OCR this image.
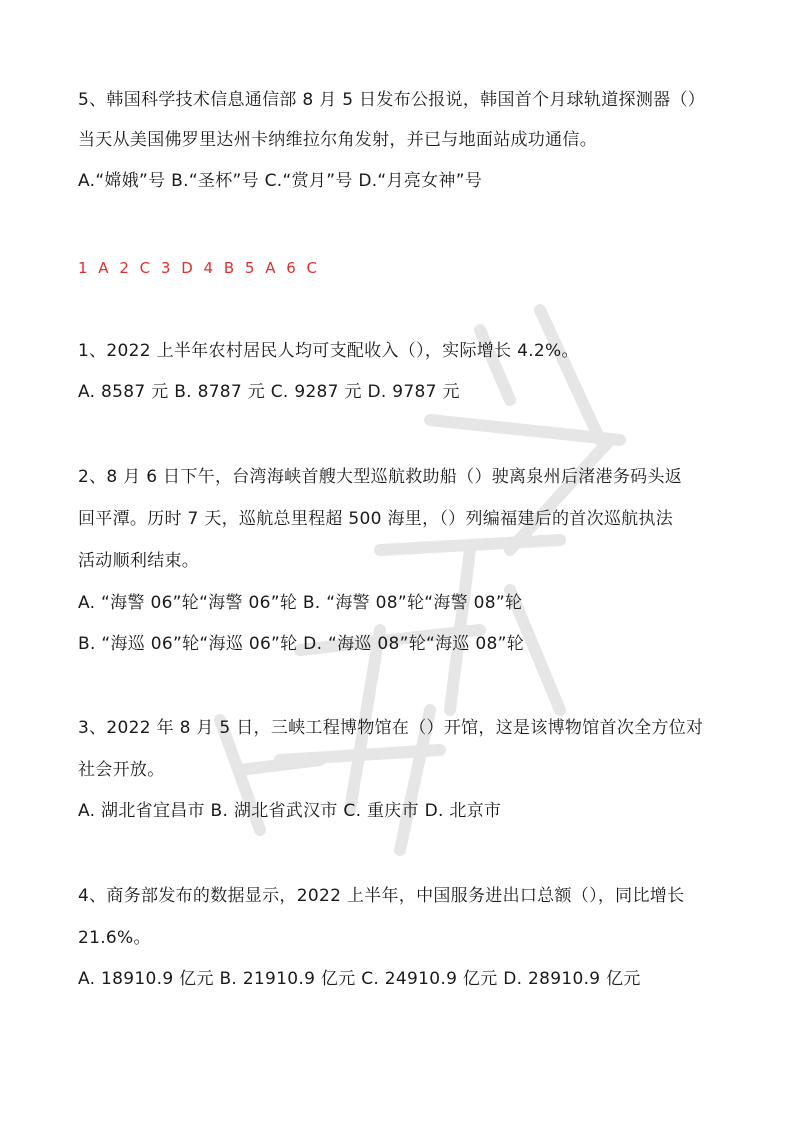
5、韩国科学技术信息通信部 8 月 5 日发布公报说，韩国首个月球轨道探测器（）

当天从美国佛罗里达州卡纳维拉尔角发射，并已与地面站成功通信。

A.“嫦娥”号 B.“圣杯”号 C.“赏月”号 D.“月亮女神”号

1 A 2 C 3 D 4 B 5 A 6 C

1、2022 上半年农村居民人均可支配收入（），实际增长 4.2%。

A. 8587 元 B. 8787 元 C. 9287 元 D. 9787 元

2、8 月 6 日下午，台湾海峡首艘大型巡航救助船（）驶离泉州后渚港务码头返

回平潭。历时 7 天，巡航总里程超 500 海里，（）列编福建后的首次巡航执法

活动顺利结束。

A. “海警 06”轮“海警 06”轮 B. “海警 08”轮“海警 08”轮

B. “海巡 06”轮“海巡 06”轮 D. “海巡 08”轮“海巡 08”轮

3、2022 年 8 月 5 日，三峡工程博物馆在（）开馆，这是该博物馆首次全方位对

社会开放。

A. 湖北省宜昌市 B. 湖北省武汉市 C. 重庆市 D. 北京市

4、商务部发布的数据显示，2022 上半年，中国服务进出口总额（），同比增长

21.6%。

A. 18910.9 亿元 B. 21910.9 亿元 C. 24910.9 亿元 D. 28910.9 亿元
